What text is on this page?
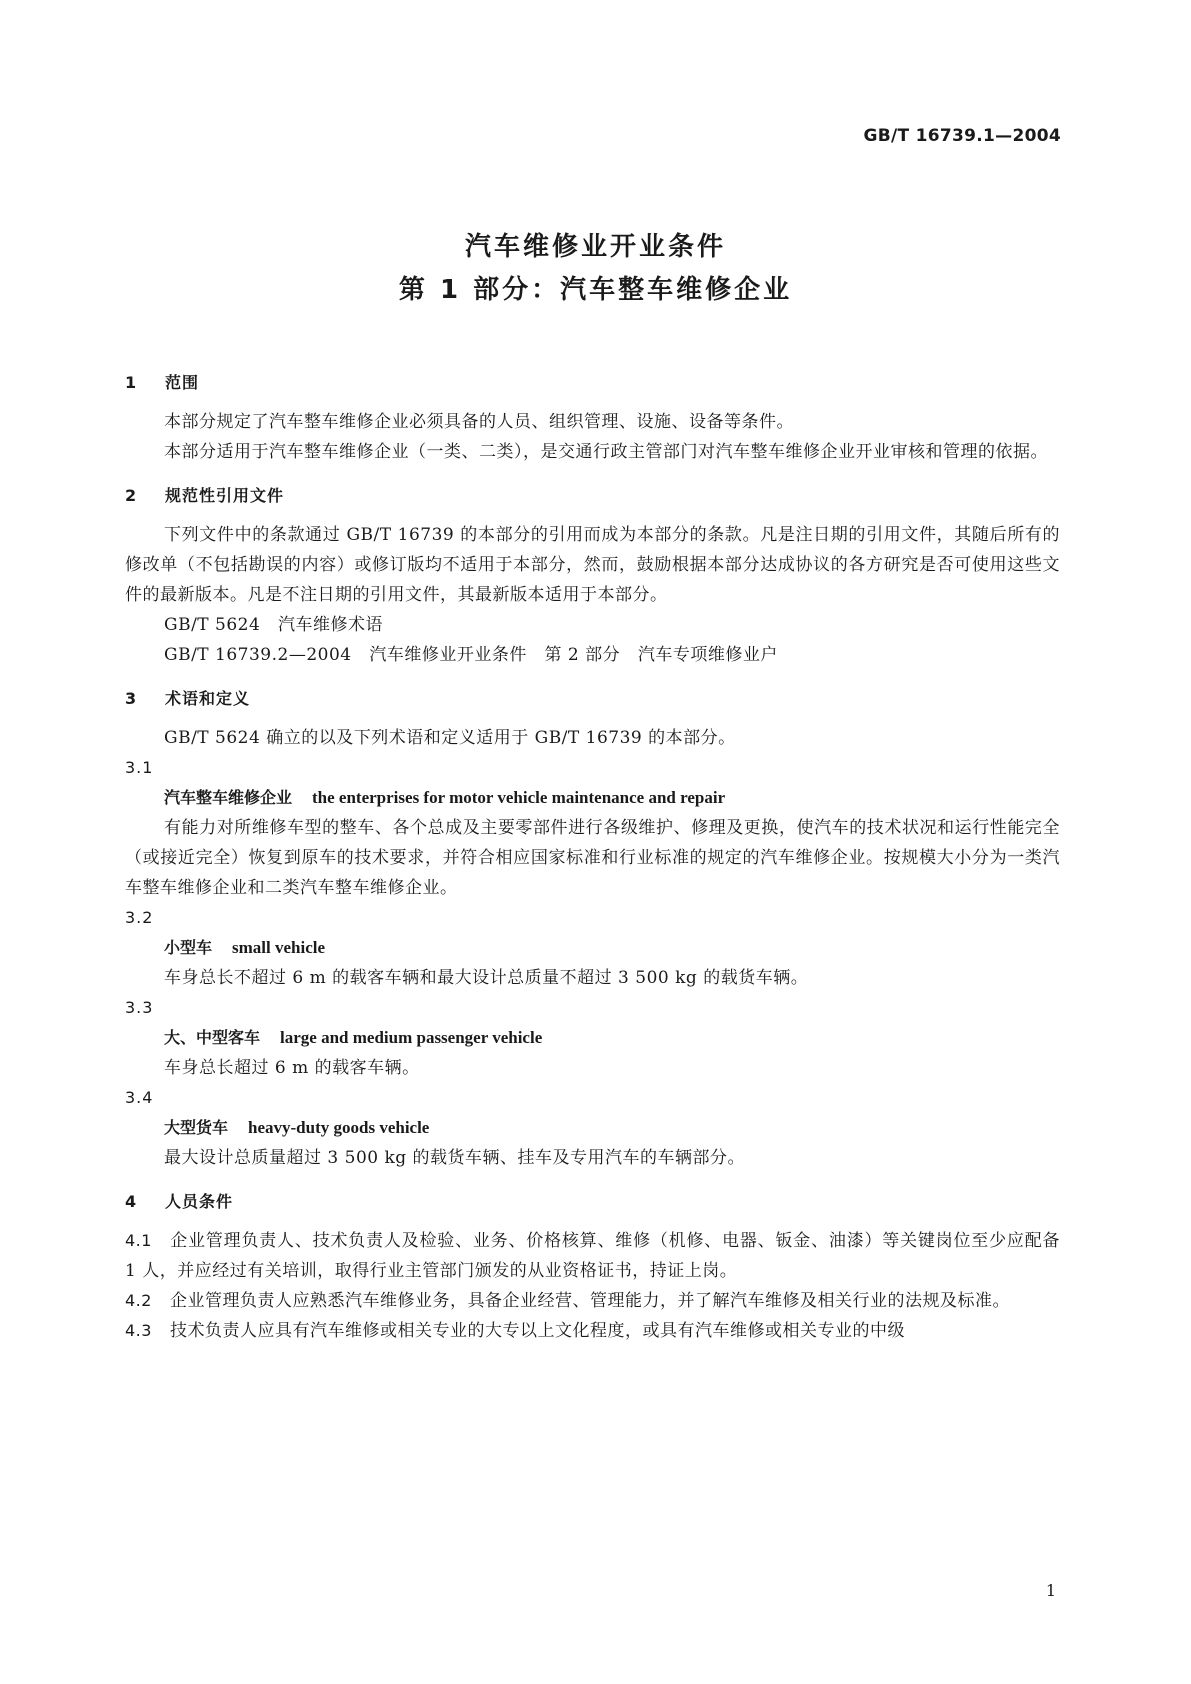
GB/T 16739.1—2004
汽车维修业开业条件
第 1 部分：汽车整车维修企业
1 范围

本部分规定了汽车整车维修企业必须具备的人员、组织管理、设施、设备等条件。

本部分适用于汽车整车维修企业（一类、二类），是交通行政主管部门对汽车整车维修企业开业审核和管理的依据。

2 规范性引用文件

下列文件中的条款通过 GB/T 16739 的本部分的引用而成为本部分的条款。凡是注日期的引用文件，其随后所有的修改单（不包括勘误的内容）或修订版均不适用于本部分，然而，鼓励根据本部分达成协议的各方研究是否可使用这些文件的最新版本。凡是不注日期的引用文件，其最新版本适用于本部分。

GB/T 5624   汽车维修术语
GB/T 16739.2—2004   汽车维修业开业条件   第 2 部分   汽车专项维修业户
3 术语和定义

GB/T 5624 确立的以及下列术语和定义适用于 GB/T 16739 的本部分。

3.1
汽车整车维修企业 the enterprises for motor vehicle maintenance and repair

有能力对所维修车型的整车、各个总成及主要零部件进行各级维护、修理及更换，使汽车的技术状况和运行性能完全（或接近完全）恢复到原车的技术要求，并符合相应国家标准和行业标准的规定的汽车维修企业。按规模大小分为一类汽车整车维修企业和二类汽车整车维修企业。

3.2
小型车 small vehicle
车身总长不超过 6 m 的载客车辆和最大设计总质量不超过 3 500 kg 的载货车辆。
3.3
大、中型客车 large and medium passenger vehicle
车身总长超过 6 m 的载客车辆。
3.4
大型货车 heavy-duty goods vehicle
最大设计总质量超过 3 500 kg 的载货车辆、挂车及专用汽车的车辆部分。
4 人员条件

4.1 企业管理负责人、技术负责人及检验、业务、价格核算、维修（机修、电器、钣金、油漆）等关键岗位至少应配备 1 人，并应经过有关培训，取得行业主管部门颁发的从业资格证书，持证上岗。

4.2 企业管理负责人应熟悉汽车维修业务，具备企业经营、管理能力，并了解汽车维修及相关行业的法规及标准。

4.3 技术负责人应具有汽车维修或相关专业的大专以上文化程度，或具有汽车维修或相关专业的中级

1
